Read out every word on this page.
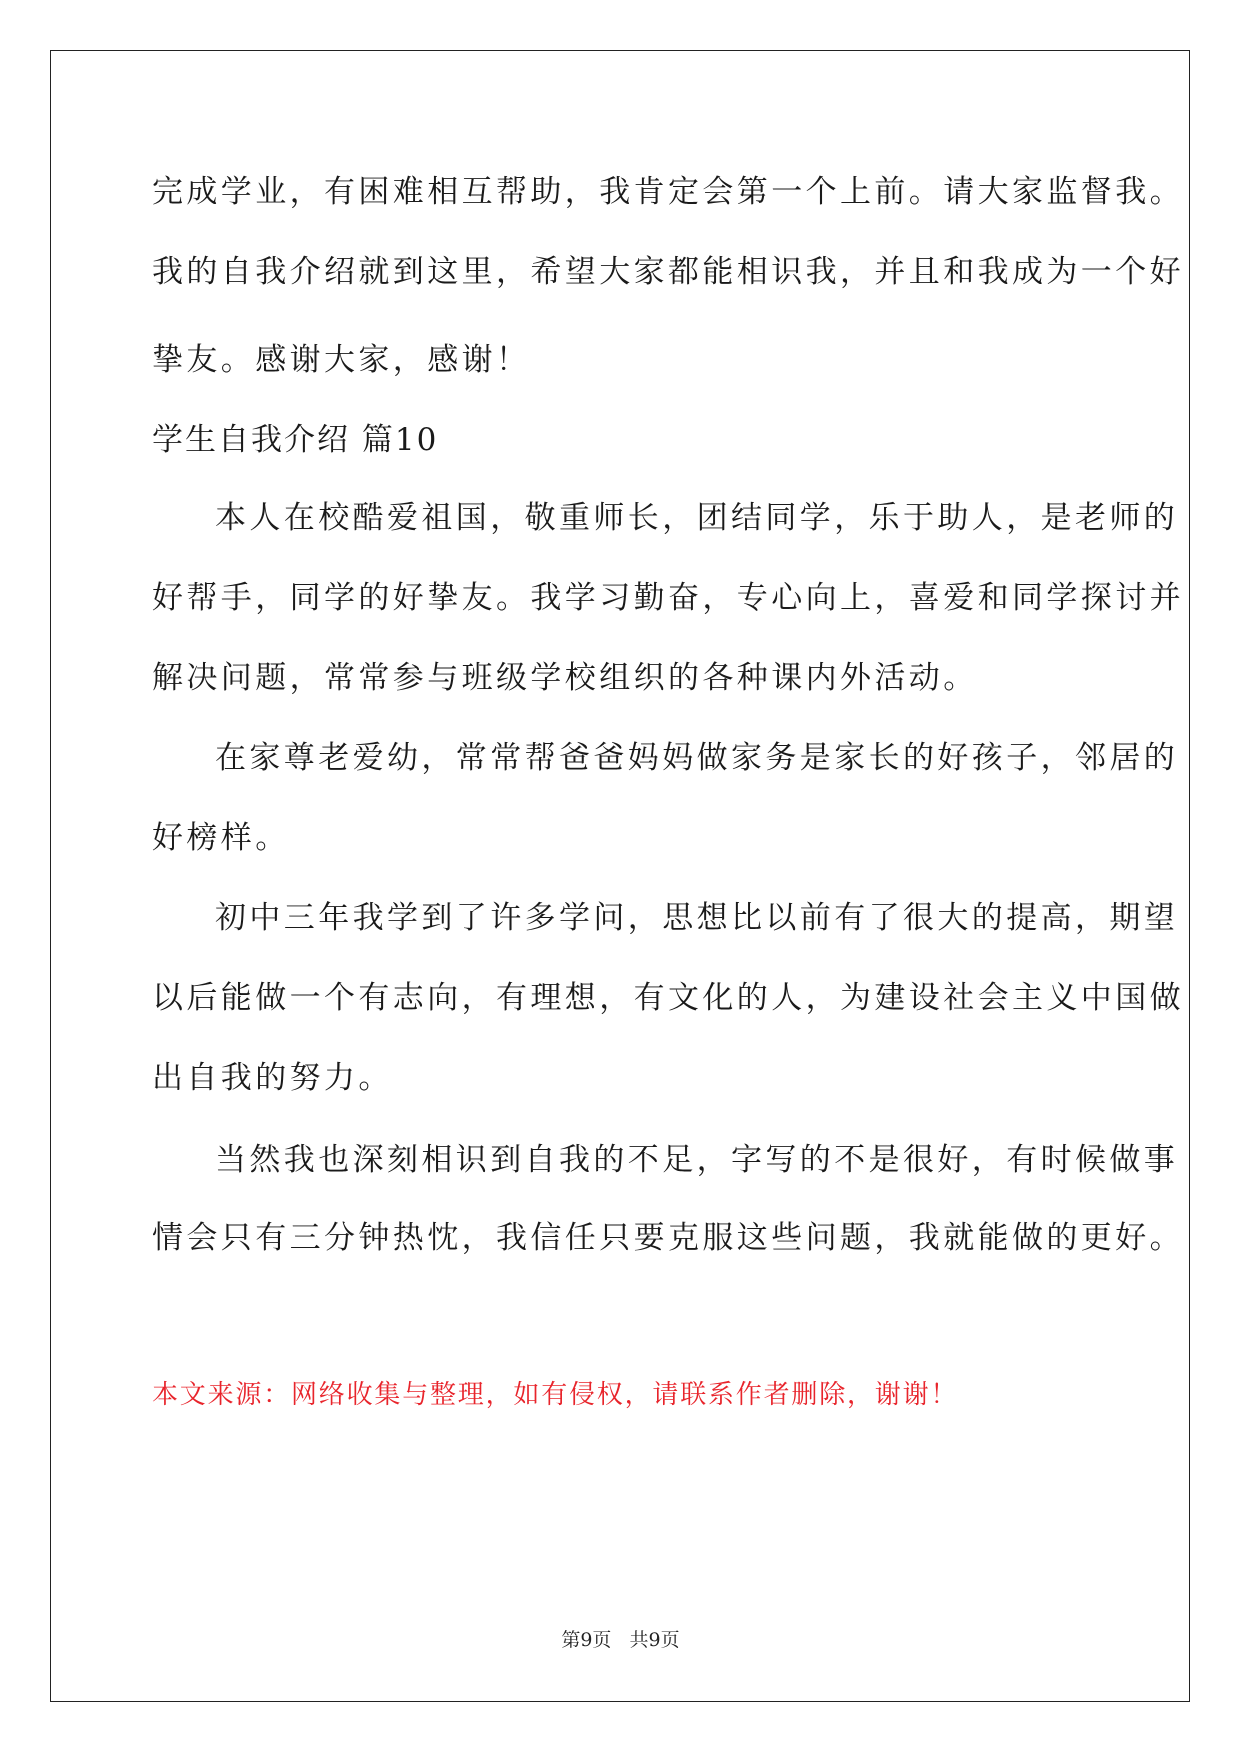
完成学业，有困难相互帮助，我肯定会第一个上前。请大家监督我。
我的自我介绍就到这里，希望大家都能相识我，并且和我成为一个好
挚友。感谢大家，感谢！
学生自我介绍 篇10
本人在校酷爱祖国，敬重师长，团结同学，乐于助人，是老师的
好帮手，同学的好挚友。我学习勤奋，专心向上，喜爱和同学探讨并
解决问题，常常参与班级学校组织的各种课内外活动。
在家尊老爱幼，常常帮爸爸妈妈做家务是家长的好孩子，邻居的
好榜样。
初中三年我学到了许多学问，思想比以前有了很大的提高，期望
以后能做一个有志向，有理想，有文化的人，为建设社会主义中国做
出自我的努力。
当然我也深刻相识到自我的不足，字写的不是很好，有时候做事
情会只有三分钟热忱，我信任只要克服这些问题，我就能做的更好。
本文来源：网络收集与整理，如有侵权，请联系作者删除，谢谢！
第9页   共9页
